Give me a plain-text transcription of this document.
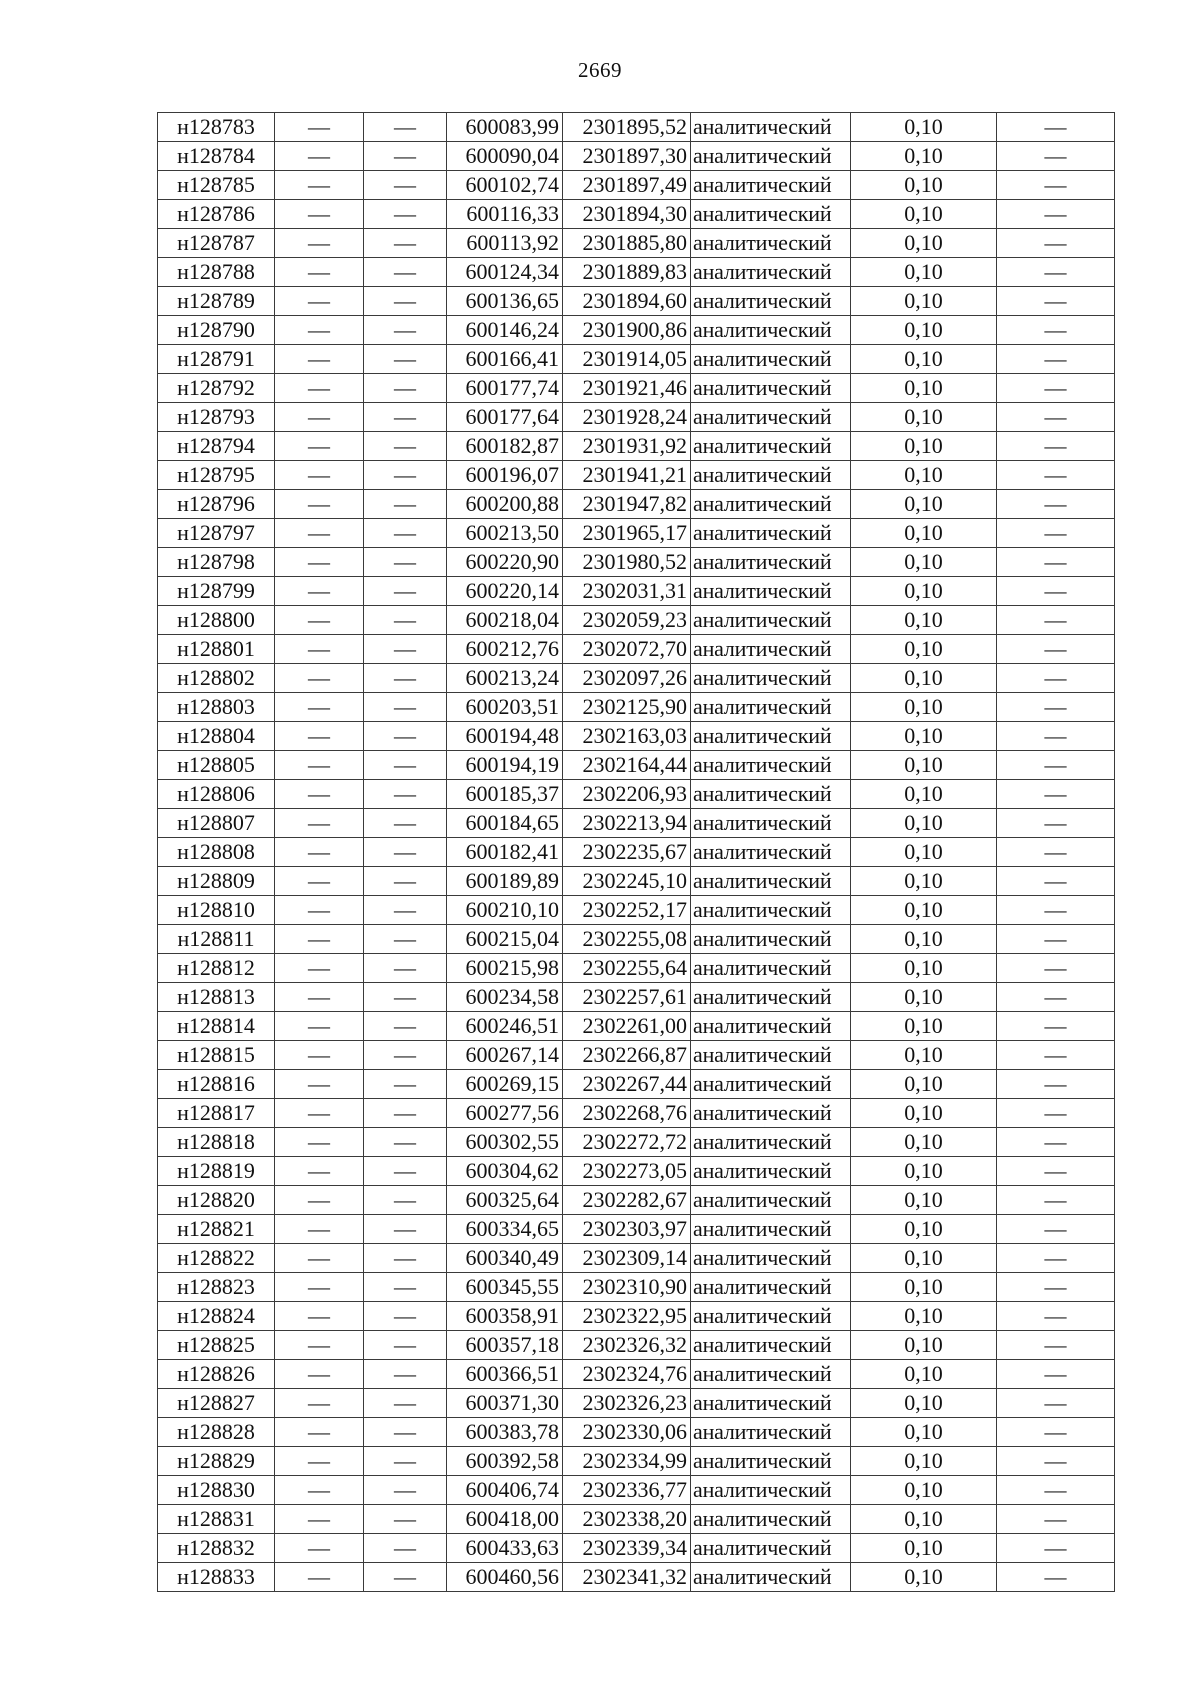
2669
н128783	—	—	600083,99	2301895,52	аналитический	0,10	—
н128784	—	—	600090,04	2301897,30	аналитический	0,10	—
н128785	—	—	600102,74	2301897,49	аналитический	0,10	—
н128786	—	—	600116,33	2301894,30	аналитический	0,10	—
н128787	—	—	600113,92	2301885,80	аналитический	0,10	—
н128788	—	—	600124,34	2301889,83	аналитический	0,10	—
н128789	—	—	600136,65	2301894,60	аналитический	0,10	—
н128790	—	—	600146,24	2301900,86	аналитический	0,10	—
н128791	—	—	600166,41	2301914,05	аналитический	0,10	—
н128792	—	—	600177,74	2301921,46	аналитический	0,10	—
н128793	—	—	600177,64	2301928,24	аналитический	0,10	—
н128794	—	—	600182,87	2301931,92	аналитический	0,10	—
н128795	—	—	600196,07	2301941,21	аналитический	0,10	—
н128796	—	—	600200,88	2301947,82	аналитический	0,10	—
н128797	—	—	600213,50	2301965,17	аналитический	0,10	—
н128798	—	—	600220,90	2301980,52	аналитический	0,10	—
н128799	—	—	600220,14	2302031,31	аналитический	0,10	—
н128800	—	—	600218,04	2302059,23	аналитический	0,10	—
н128801	—	—	600212,76	2302072,70	аналитический	0,10	—
н128802	—	—	600213,24	2302097,26	аналитический	0,10	—
н128803	—	—	600203,51	2302125,90	аналитический	0,10	—
н128804	—	—	600194,48	2302163,03	аналитический	0,10	—
н128805	—	—	600194,19	2302164,44	аналитический	0,10	—
н128806	—	—	600185,37	2302206,93	аналитический	0,10	—
н128807	—	—	600184,65	2302213,94	аналитический	0,10	—
н128808	—	—	600182,41	2302235,67	аналитический	0,10	—
н128809	—	—	600189,89	2302245,10	аналитический	0,10	—
н128810	—	—	600210,10	2302252,17	аналитический	0,10	—
н128811	—	—	600215,04	2302255,08	аналитический	0,10	—
н128812	—	—	600215,98	2302255,64	аналитический	0,10	—
н128813	—	—	600234,58	2302257,61	аналитический	0,10	—
н128814	—	—	600246,51	2302261,00	аналитический	0,10	—
н128815	—	—	600267,14	2302266,87	аналитический	0,10	—
н128816	—	—	600269,15	2302267,44	аналитический	0,10	—
н128817	—	—	600277,56	2302268,76	аналитический	0,10	—
н128818	—	—	600302,55	2302272,72	аналитический	0,10	—
н128819	—	—	600304,62	2302273,05	аналитический	0,10	—
н128820	—	—	600325,64	2302282,67	аналитический	0,10	—
н128821	—	—	600334,65	2302303,97	аналитический	0,10	—
н128822	—	—	600340,49	2302309,14	аналитический	0,10	—
н128823	—	—	600345,55	2302310,90	аналитический	0,10	—
н128824	—	—	600358,91	2302322,95	аналитический	0,10	—
н128825	—	—	600357,18	2302326,32	аналитический	0,10	—
н128826	—	—	600366,51	2302324,76	аналитический	0,10	—
н128827	—	—	600371,30	2302326,23	аналитический	0,10	—
н128828	—	—	600383,78	2302330,06	аналитический	0,10	—
н128829	—	—	600392,58	2302334,99	аналитический	0,10	—
н128830	—	—	600406,74	2302336,77	аналитический	0,10	—
н128831	—	—	600418,00	2302338,20	аналитический	0,10	—
н128832	—	—	600433,63	2302339,34	аналитический	0,10	—
н128833	—	—	600460,56	2302341,32	аналитический	0,10	—
